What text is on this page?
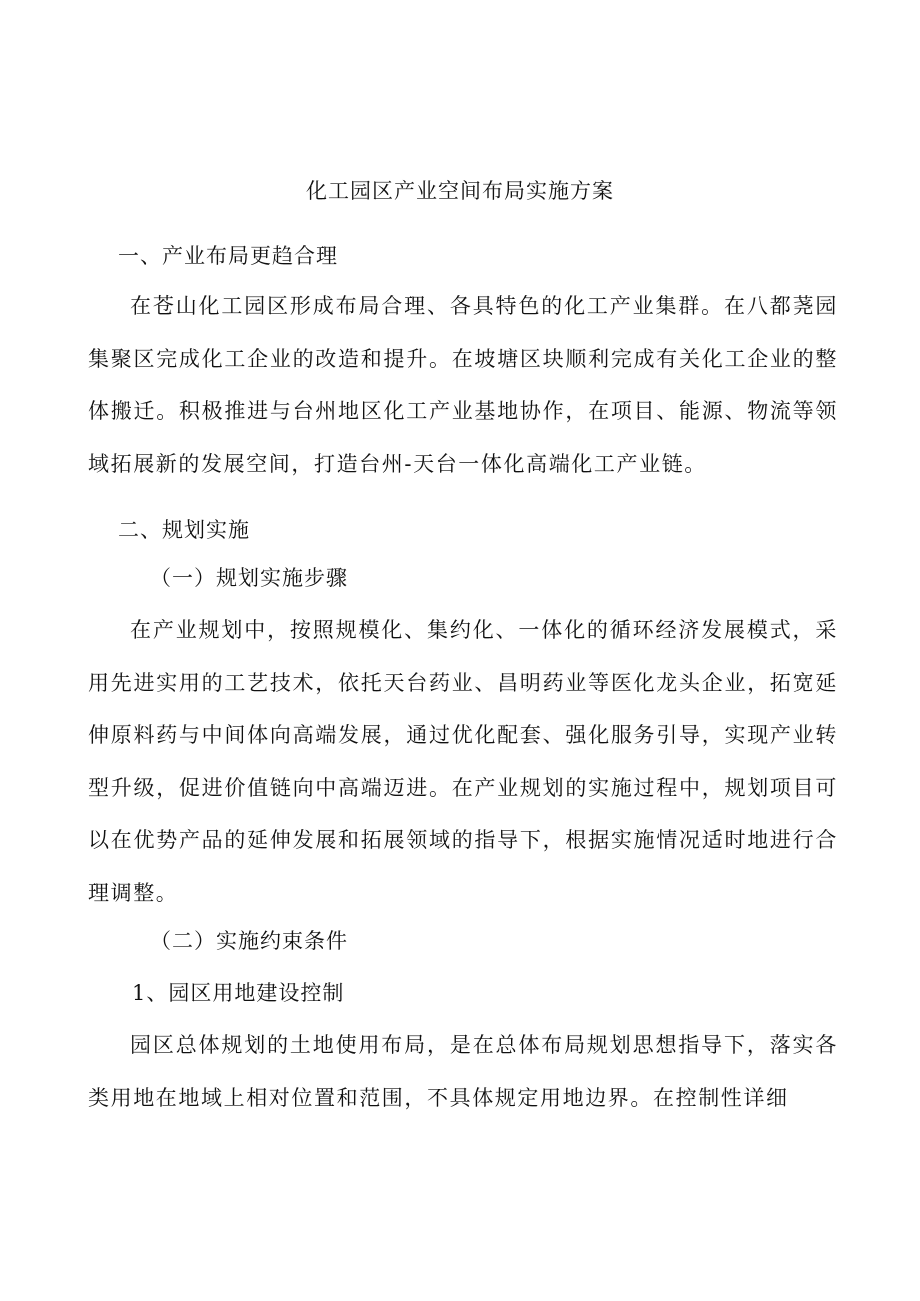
化工园区产业空间布局实施方案
一、产业布局更趋合理

在苍山化工园区形成布局合理、各具特色的化工产业集群。在八都荛园集聚区完成化工企业的改造和提升。在坡塘区块顺利完成有关化工企业的整体搬迁。积极推进与台州地区化工产业基地协作，在项目、能源、物流等领域拓展新的发展空间，打造台州-天台一体化高端化工产业链。

二、规划实施
（一）规划实施步骤

在产业规划中，按照规模化、集约化、一体化的循环经济发展模式，采用先进实用的工艺技术，依托天台药业、昌明药业等医化龙头企业，拓宽延伸原料药与中间体向高端发展，通过优化配套、强化服务引导，实现产业转型升级，促进价值链向中高端迈进。在产业规划的实施过程中，规划项目可以在优势产品的延伸发展和拓展领域的指导下，根据实施情况适时地进行合理调整。

（二）实施约束条件
1、园区用地建设控制

园区总体规划的土地使用布局，是在总体布局规划思想指导下，落实各类用地在地域上相对位置和范围，不具体规定用地边界。在控制性详细
